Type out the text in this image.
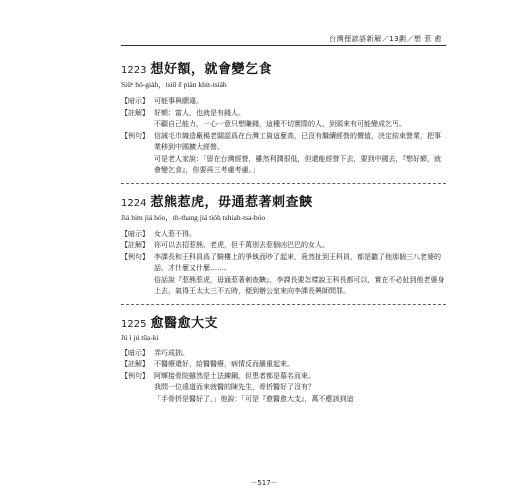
台灣俚諺語新解／13劃／想 惹 愈
1223 想好額，就會變乞食
Siūⁿ hó-giàh，tsiū ē piàn khit-tsiàh
【暗示】 可能事與願違。
【註解】 好額：富人，也就是有錢人。

不顧自己能力，一心一意只想賺錢，這種不切實際的人，到頭來有可能變成乞丐。

【例句】 信誠毛巾織造廠楊老闆認爲在台灣工資這麼高，已沒有繼續經營的價值，決定結束營業，把事業移到中國擴大經營。

可是老人家說：「留在台灣經營，雖然利潤很低，但還能經營下去，要到中國去，『想好額，就會變乞食』，你要再三考慮考慮。」

1224 惹熊惹虎，毋通惹著刺查𩛩
Jiá him jiá hóo，m̄-thang jiá tióh tshiah-tsa-bóo
【暗示】 女人惹不得。
【註解】 你可以去招惹熊、老虎，但千萬別去惹個凶巴巴的女人。

【例句】 李課長和王科員爲了騎樓上的爭執而吵了起來，竟然扯到王科員，都是聽了他那個三八老婆的話，才什麼又什麼……。

俗話說『惹熊惹虎，毋通惹著刺查𩛩』，李課長要怎樣說王科長都可以，實在不必扯到他老婆身上去，氣得王太太三不五時，便到辦公室來向李課長興師問罪。

1225 愈醫愈大支
Jú i jú tūa-ki
【暗示】 弄巧成拙。
【註解】 不醫療還好，給醫醫療，病情反而嚴重起來。

【例句】 阿輝接骨院雖然是土法錬鋼，但患者都是慕名而來。

我問一位遠道而來就醫的陳先生，骨折醫好了沒有？

「手骨折是醫好了，」他說：「可是『愈醫愈大支』，萬不應該到這

－517－
